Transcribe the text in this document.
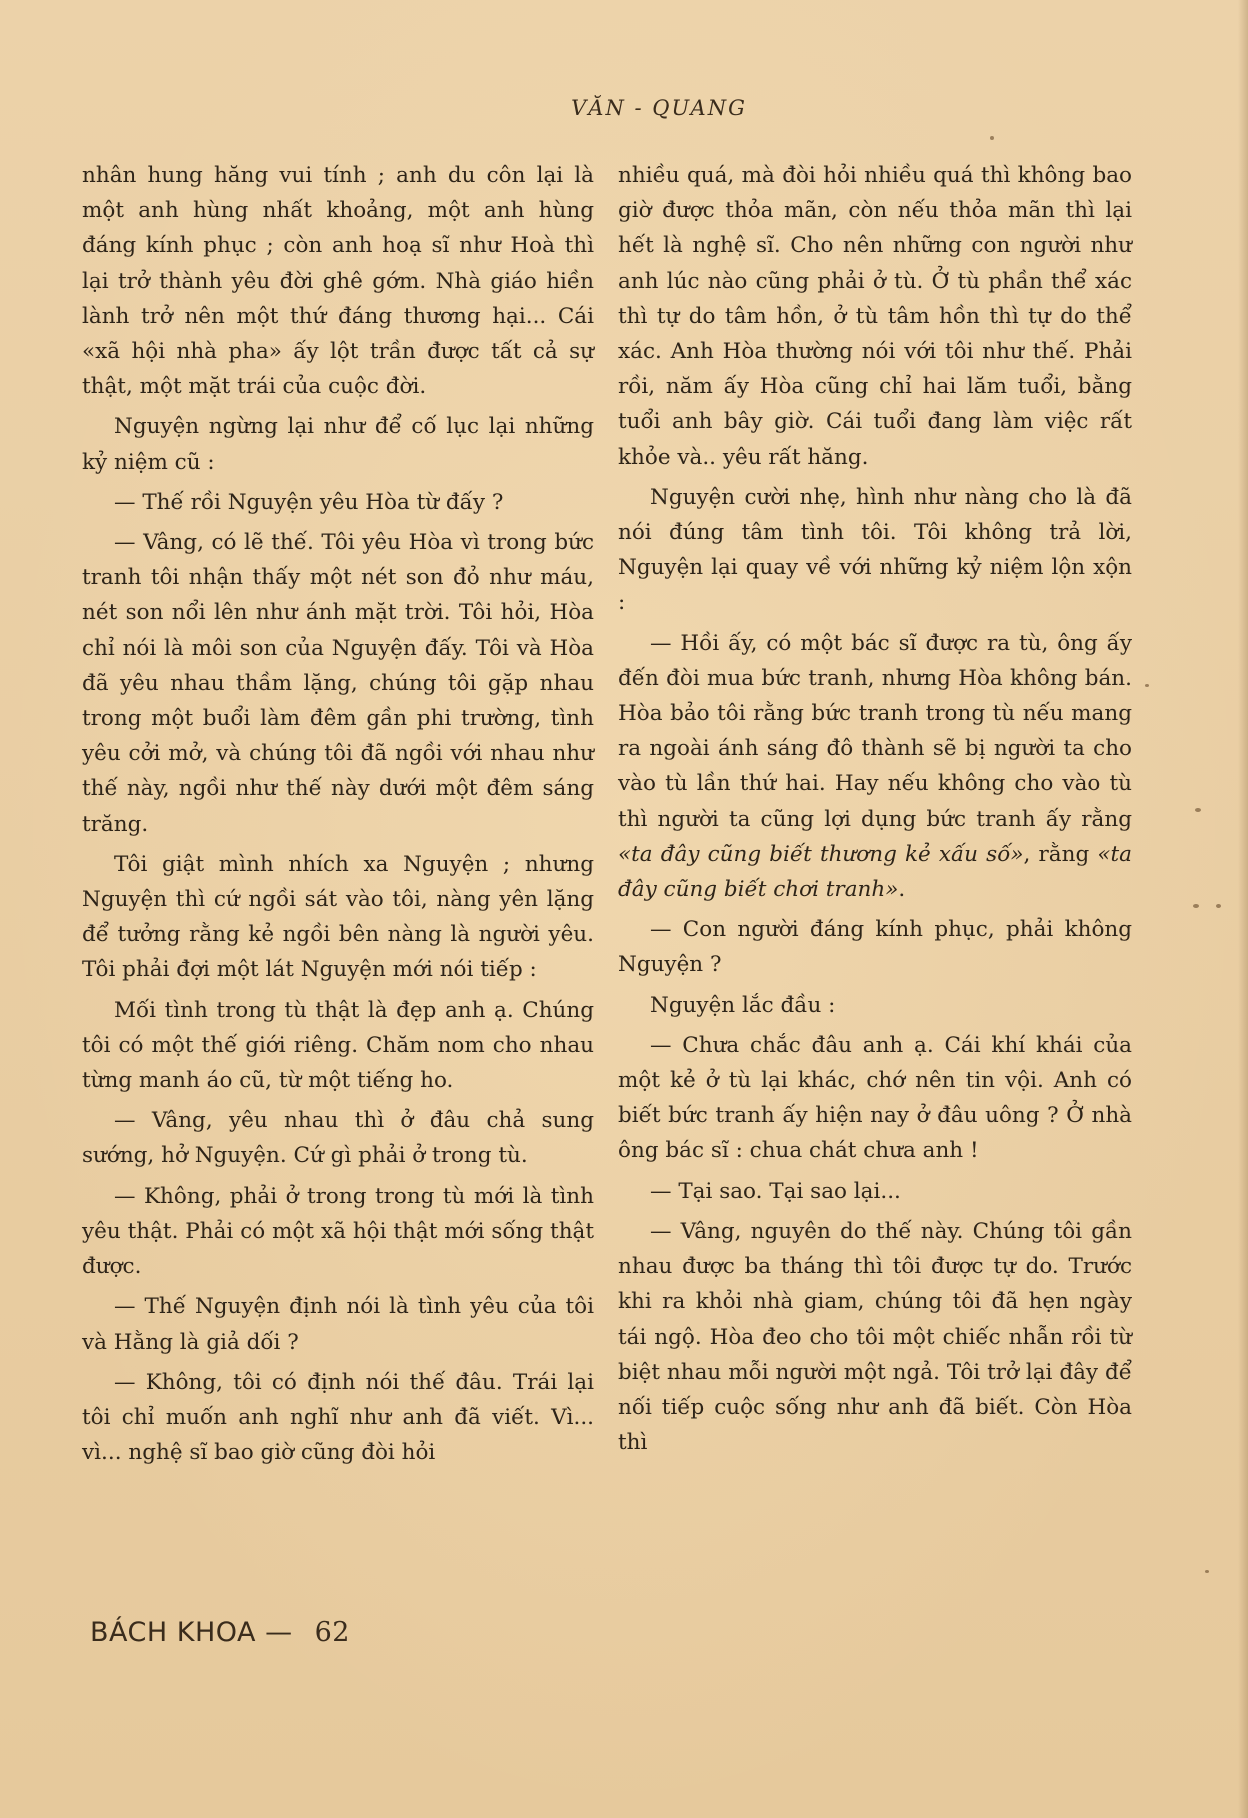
VĂN - QUANG

nhân hung hăng vui tính ; anh du côn lại là một anh hùng nhất khoảng, một anh hùng đáng kính phục ; còn anh hoạ sĩ như Hoà thì lại trở thành yêu đời ghê gớm. Nhà giáo hiền lành trở nên một thứ đáng thương hại... Cái «xã hội nhà pha» ấy lột trần được tất cả sự thật, một mặt trái của cuộc đời.

Nguyện ngừng lại như để cố lục lại những kỷ niệm cũ :

— Thế rồi Nguyện yêu Hòa từ đấy ?

— Vâng, có lẽ thế. Tôi yêu Hòa vì trong bức tranh tôi nhận thấy một nét son đỏ như máu, nét son nổi lên như ánh mặt trời. Tôi hỏi, Hòa chỉ nói là môi son của Nguyện đấy. Tôi và Hòa đã yêu nhau thầm lặng, chúng tôi gặp nhau trong một buổi làm đêm gần phi trường, tình yêu cởi mở, và chúng tôi đã ngồi với nhau như thế này, ngồi như thế này dưới một đêm sáng trăng.

Tôi giật mình nhích xa Nguyện ; nhưng Nguyện thì cứ ngồi sát vào tôi, nàng yên lặng để tưởng rằng kẻ ngồi bên nàng là người yêu. Tôi phải đợi một lát Nguyện mới nói tiếp :

Mối tình trong tù thật là đẹp anh ạ. Chúng tôi có một thế giới riêng. Chăm nom cho nhau từng manh áo cũ, từ một tiếng ho.

— Vâng, yêu nhau thì ở đâu chả sung sướng, hở Nguyện. Cứ gì phải ở trong tù.

— Không, phải ở trong trong tù mới là tình yêu thật. Phải có một xã hội thật mới sống thật được.

— Thế Nguyện định nói là tình yêu của tôi và Hằng là giả dối ?

— Không, tôi có định nói thế đâu. Trái lại tôi chỉ muốn anh nghĩ như anh đã viết. Vì... vì... nghệ sĩ bao giờ cũng đòi hỏi

nhiều quá, mà đòi hỏi nhiều quá thì không bao giờ được thỏa mãn, còn nếu thỏa mãn thì lại hết là nghệ sĩ. Cho nên những con người như anh lúc nào cũng phải ở tù. Ở tù phần thể xác thì tự do tâm hồn, ở tù tâm hồn thì tự do thể xác. Anh Hòa thường nói với tôi như thế. Phải rồi, năm ấy Hòa cũng chỉ hai lăm tuổi, bằng tuổi anh bây giờ. Cái tuổi đang làm việc rất khỏe và.. yêu rất hăng.

Nguyện cười nhẹ, hình như nàng cho là đã nói đúng tâm tình tôi. Tôi không trả lời, Nguyện lại quay về với những kỷ niệm lộn xộn :

— Hồi ấy, có một bác sĩ được ra tù, ông ấy đến đòi mua bức tranh, nhưng Hòa không bán. Hòa bảo tôi rằng bức tranh trong tù nếu mang ra ngoài ánh sáng đô thành sẽ bị người ta cho vào tù lần thứ hai. Hay nếu không cho vào tù thì người ta cũng lợi dụng bức tranh ấy rằng «ta đây cũng biết thương kẻ xấu số», rằng «ta đây cũng biết chơi tranh».

— Con người đáng kính phục, phải không Nguyện ?

Nguyện lắc đầu :

— Chưa chắc đâu anh ạ. Cái khí khái của một kẻ ở tù lại khác, chớ nên tin vội. Anh có biết bức tranh ấy hiện nay ở đâu uông ? Ở nhà ông bác sĩ : chua chát chưa anh !

— Tại sao. Tại sao lại...

— Vâng, nguyên do thế này. Chúng tôi gần nhau được ba tháng thì tôi được tự do. Trước khi ra khỏi nhà giam, chúng tôi đã hẹn ngày tái ngộ. Hòa đeo cho tôi một chiếc nhẫn rồi từ biệt nhau mỗi người một ngả. Tôi trở lại đây để nối tiếp cuộc sống như anh đã biết. Còn Hòa thì

BÁCH KHOA — 62
